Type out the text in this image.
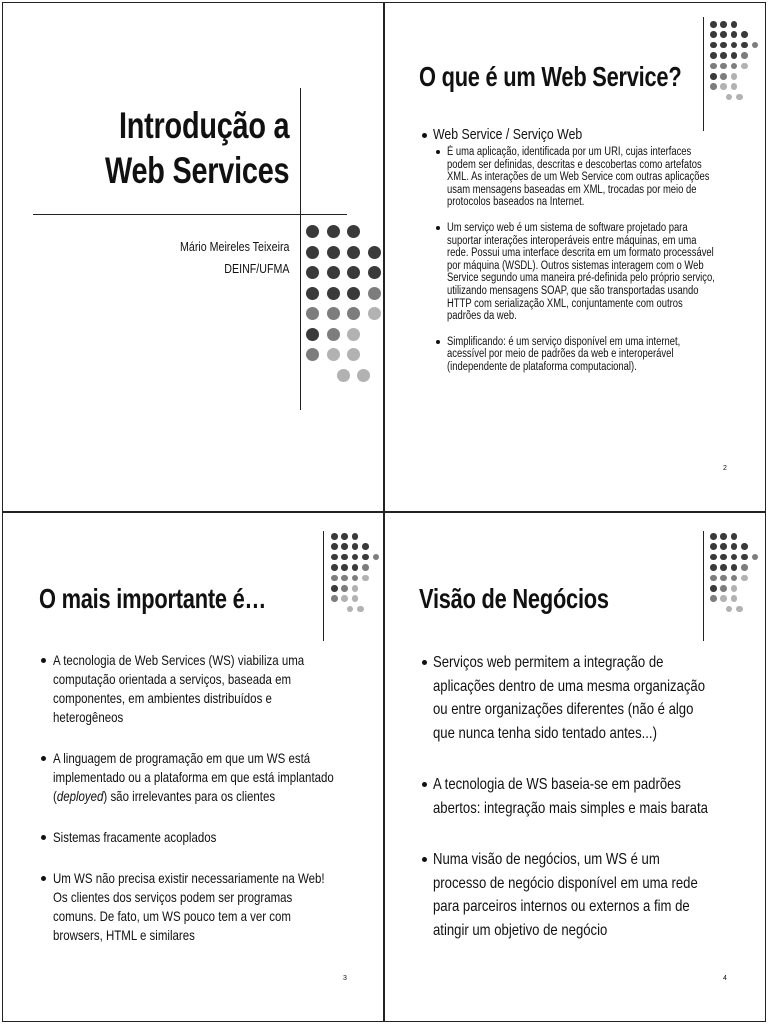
Introdução a
Web Services
Mário Meireles Teixeira
DEINF/UFMA
O que é um Web Service?
Web Service / Serviço Web
É uma aplicação, identificada por um URI, cujas interfaces podem ser definidas, descritas e descobertas como artefatos XML. As interações de um Web Service com outras aplicações usam mensagens baseadas em XML, trocadas por meio de protocolos baseados na Internet.
Um serviço web é um sistema de software projetado para suportar interações interoperáveis entre máquinas, em uma rede. Possui uma interface descrita em um formato processável por máquina (WSDL). Outros sistemas interagem com o Web Service segundo uma maneira pré-definida pelo próprio serviço, utilizando mensagens SOAP, que são transportadas usando HTTP com serialização XML, conjuntamente com outros padrões da web.
Simplificando: é um serviço disponível em uma internet, acessível por meio de padrões da web e interoperável (independente de plataforma computacional).
2
O mais importante é…
A tecnologia de Web Services (WS) viabiliza uma computação orientada a serviços, baseada em componentes, em ambientes distribuídos e heterogêneos
A linguagem de programação em que um WS está implementado ou a plataforma em que está implantado (deployed) são irrelevantes para os clientes
Sistemas fracamente acoplados
Um WS não precisa existir necessariamente na Web! Os clientes dos serviços podem ser programas comuns. De fato, um WS pouco tem a ver com browsers, HTML e similares
3
Visão de Negócios
Serviços web permitem a integração de aplicações dentro de uma mesma organização ou entre organizações diferentes (não é algo que nunca tenha sido tentado antes...)
A tecnologia de WS baseia-se em padrões abertos: integração mais simples e mais barata
Numa visão de negócios, um WS é um processo de negócio disponível em uma rede para parceiros internos ou externos a fim de atingir um objetivo de negócio
4
